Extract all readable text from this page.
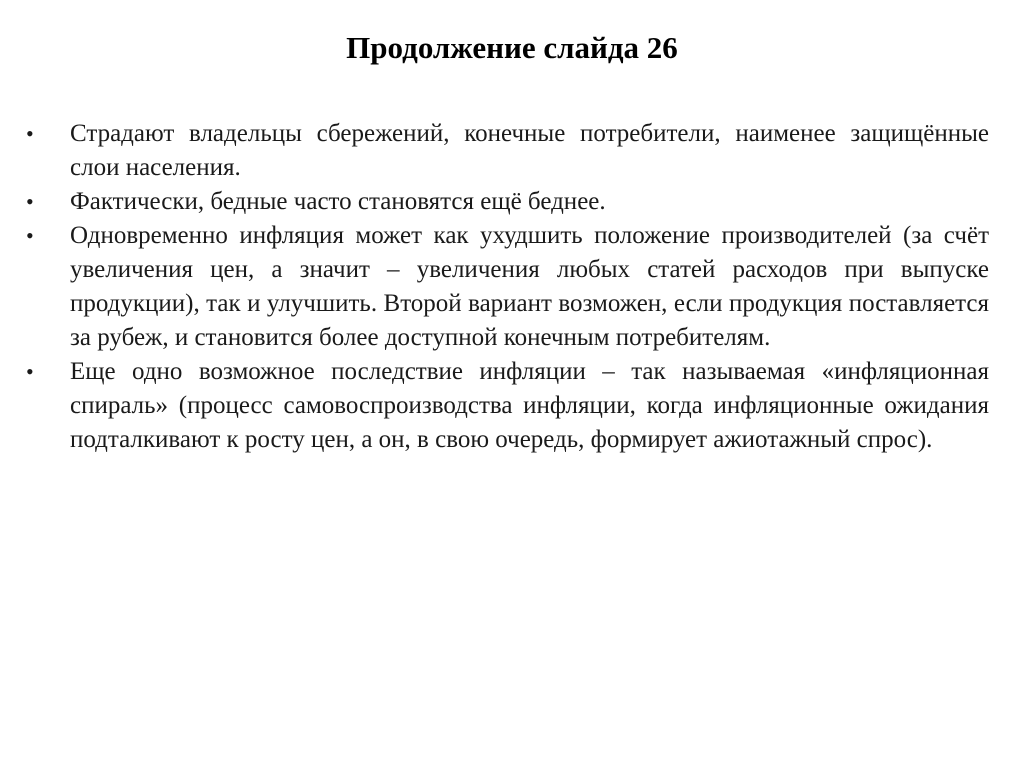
Продолжение слайда 26
•	Страдают владельцы сбережений, конечные потребители, наименее защищённые слои населения.
•	Фактически, бедные часто становятся ещё беднее.
•	Одновременно инфляция может как ухудшить положение производителей (за счёт увеличения цен, а значит – увеличения любых статей расходов при выпуске продукции), так и улучшить. Второй вариант возможен, если продукция поставляется за рубеж, и становится более доступной конечным потребителям.
•	Еще одно возможное последствие инфляции – так называемая «инфляционная спираль» (процесс самовоспроизводства инфляции, когда инфляционные ожидания подталкивают к росту цен, а он, в свою очередь, формирует ажиотажный спрос).
